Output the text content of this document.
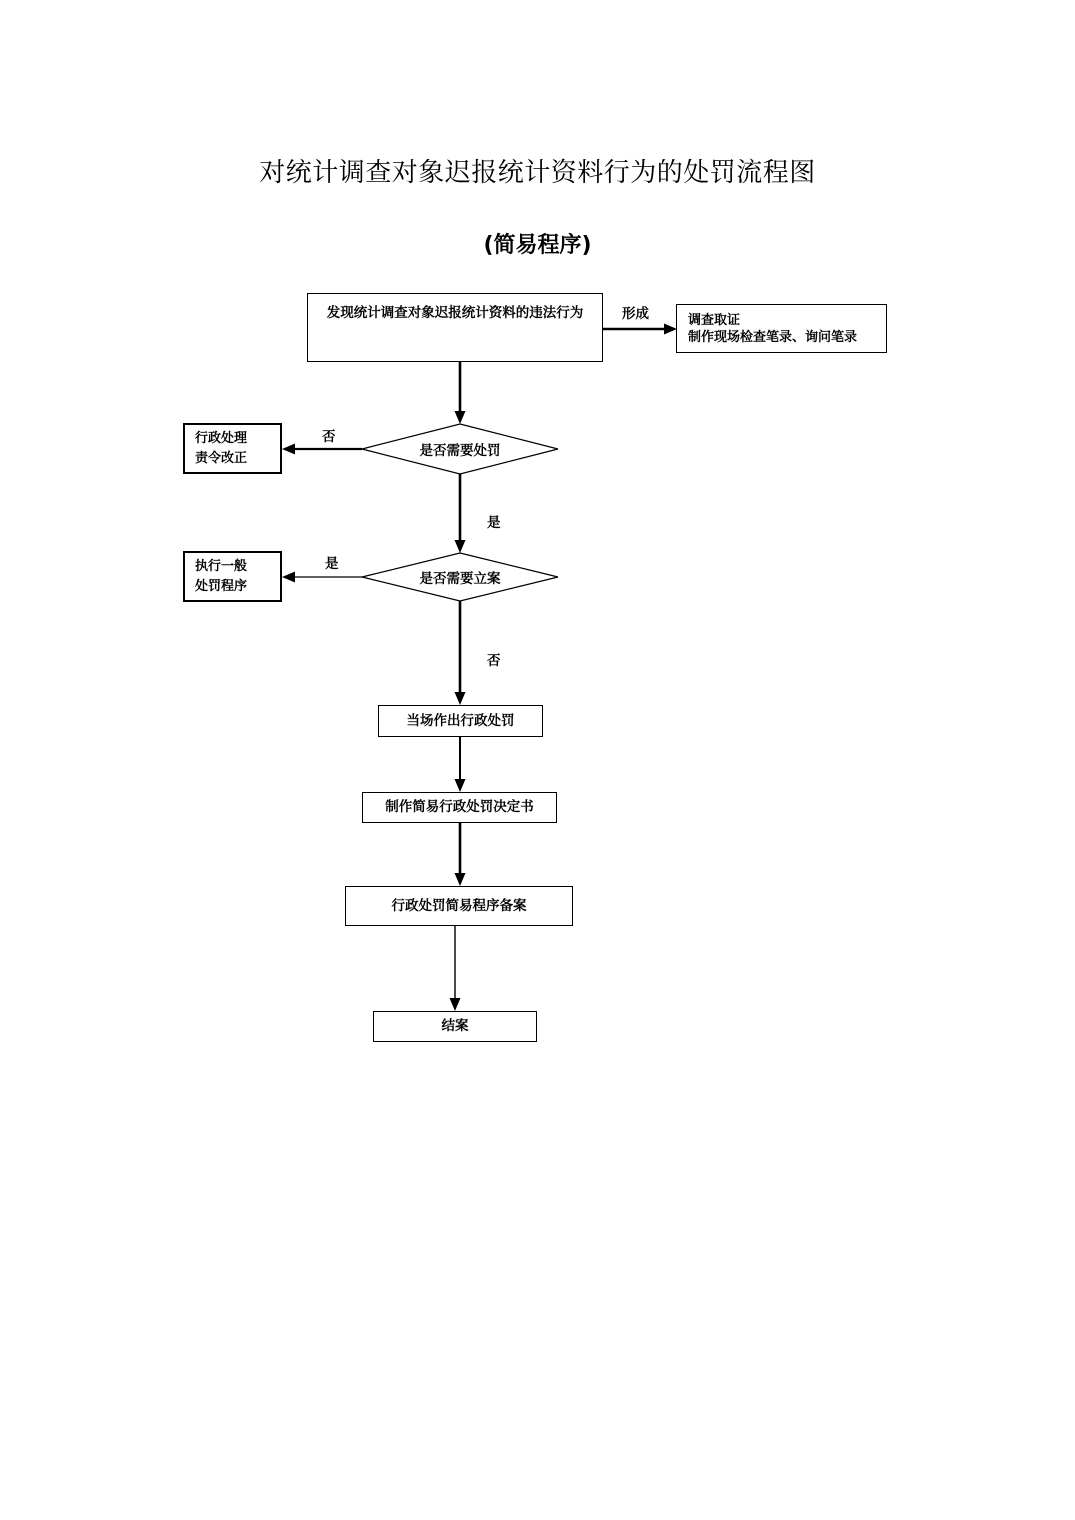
对统计调查对象迟报统计资料行为的处罚流程图
(简易程序)
发现统计调查对象迟报统计资料的违法行为	调查取证
制作现场检查笔录、询问笔录
是否需要处罚
行政处理
责令改正
是否需要立案
执行一般
处罚程序
当场作出行政处罚
制作简易行政处罚决定书
行政处罚简易程序备案
结案
形成
否
是
是
否
